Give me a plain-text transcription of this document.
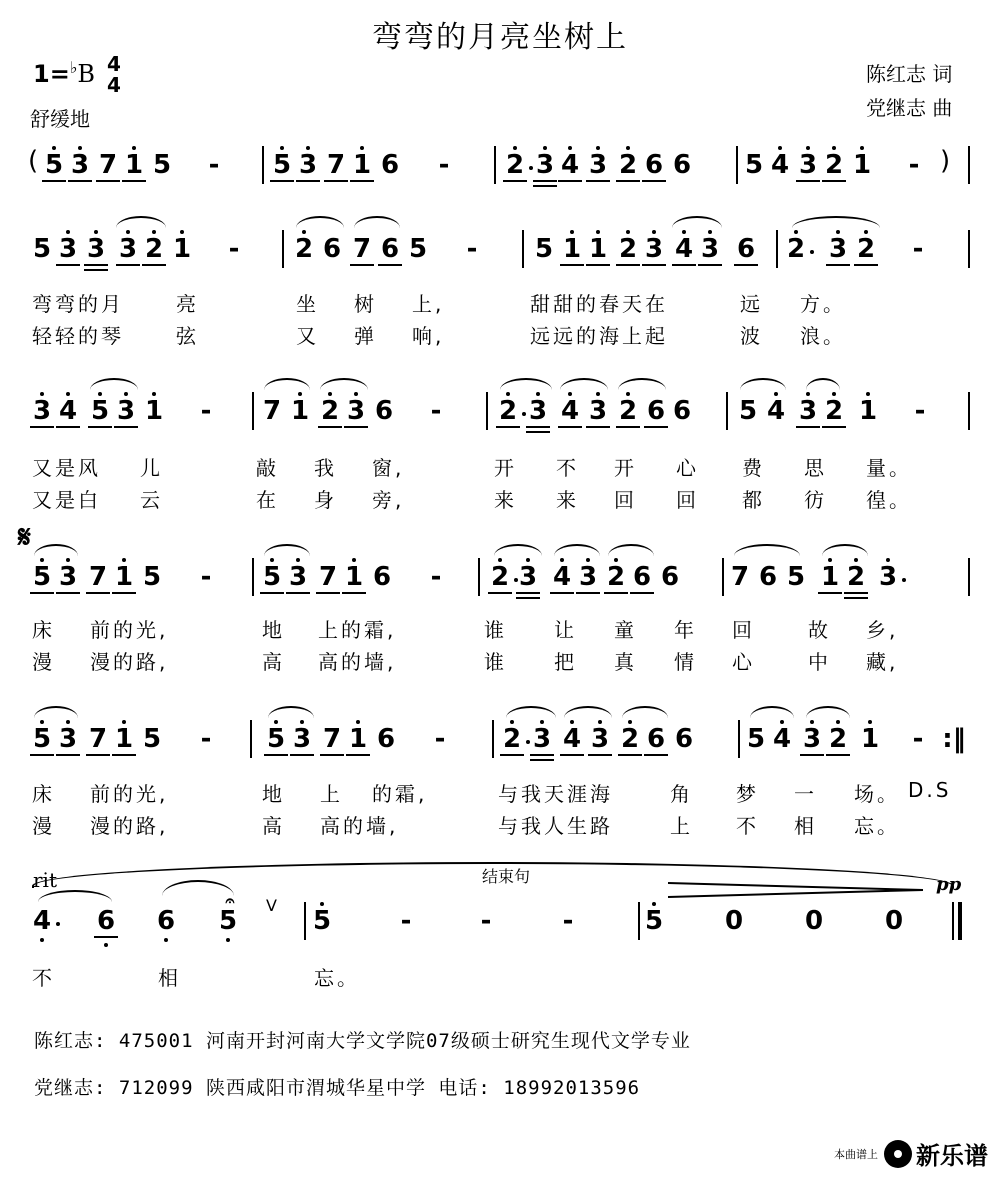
弯弯的月亮坐树上
1=♭B 4
4
舒缓地
陈红志 词
党继志 曲
5 3 7 1 5 - 5 3 7 1 6 - 2 3 4 3 2 6 6 5 4 3 2 1 -
(	)
5 3 3 3 2 1 - 2 6 7 6 5 - 5 1 1 2 3 4 3 6 2 3 2 -
3 4 5 3 1 - 7 1 2 3 6 - 2 3 4 3 2 6 6 5 4 3 2 1 -
5 3 7 1 5 - 5 3 7 1 6 - 2 3 4 3 2 6 6 7 6 5 1 2 3
5 3 7 1 5 - 5 3 7 1 6 - 2 3 4 3 2 6 6 5 4 3 2 1 - :‖
4 6 6 5	5	-	-	-	5 0 0 0
𝄐
弯弯的月	亮	坐 树 上,	甜甜的春天在	远 方。
轻轻的琴	弦	又 弹 响,	远远的海上起	波 浪。
又是风 儿	敲 我 窗,	开 不 开 心 费 思 量。
又是白 云	在 身 旁,	来 来 回 回 都 彷 徨。
床 前的光,	地 上的霜,	谁 让 童 年 回	故 乡,
漫 漫的路,	高 高的墙,	谁 把 真 情 心	中 藏,
床 前的光,	地 上 的霜,	与我天涯海	角 梦 一 场。 D.S
漫 漫的路,	高 高的墙,	与我人生路	上 不 相 忘。
不	相	忘。
𝄋
rit	结束句	pp
V
陈红志: 475001 河南开封河南大学文学院07级硕士研究生现代文学专业
党继志: 712099 陕西咸阳市渭城华星中学 电话: 18992013596
本曲谱上 新乐谱
